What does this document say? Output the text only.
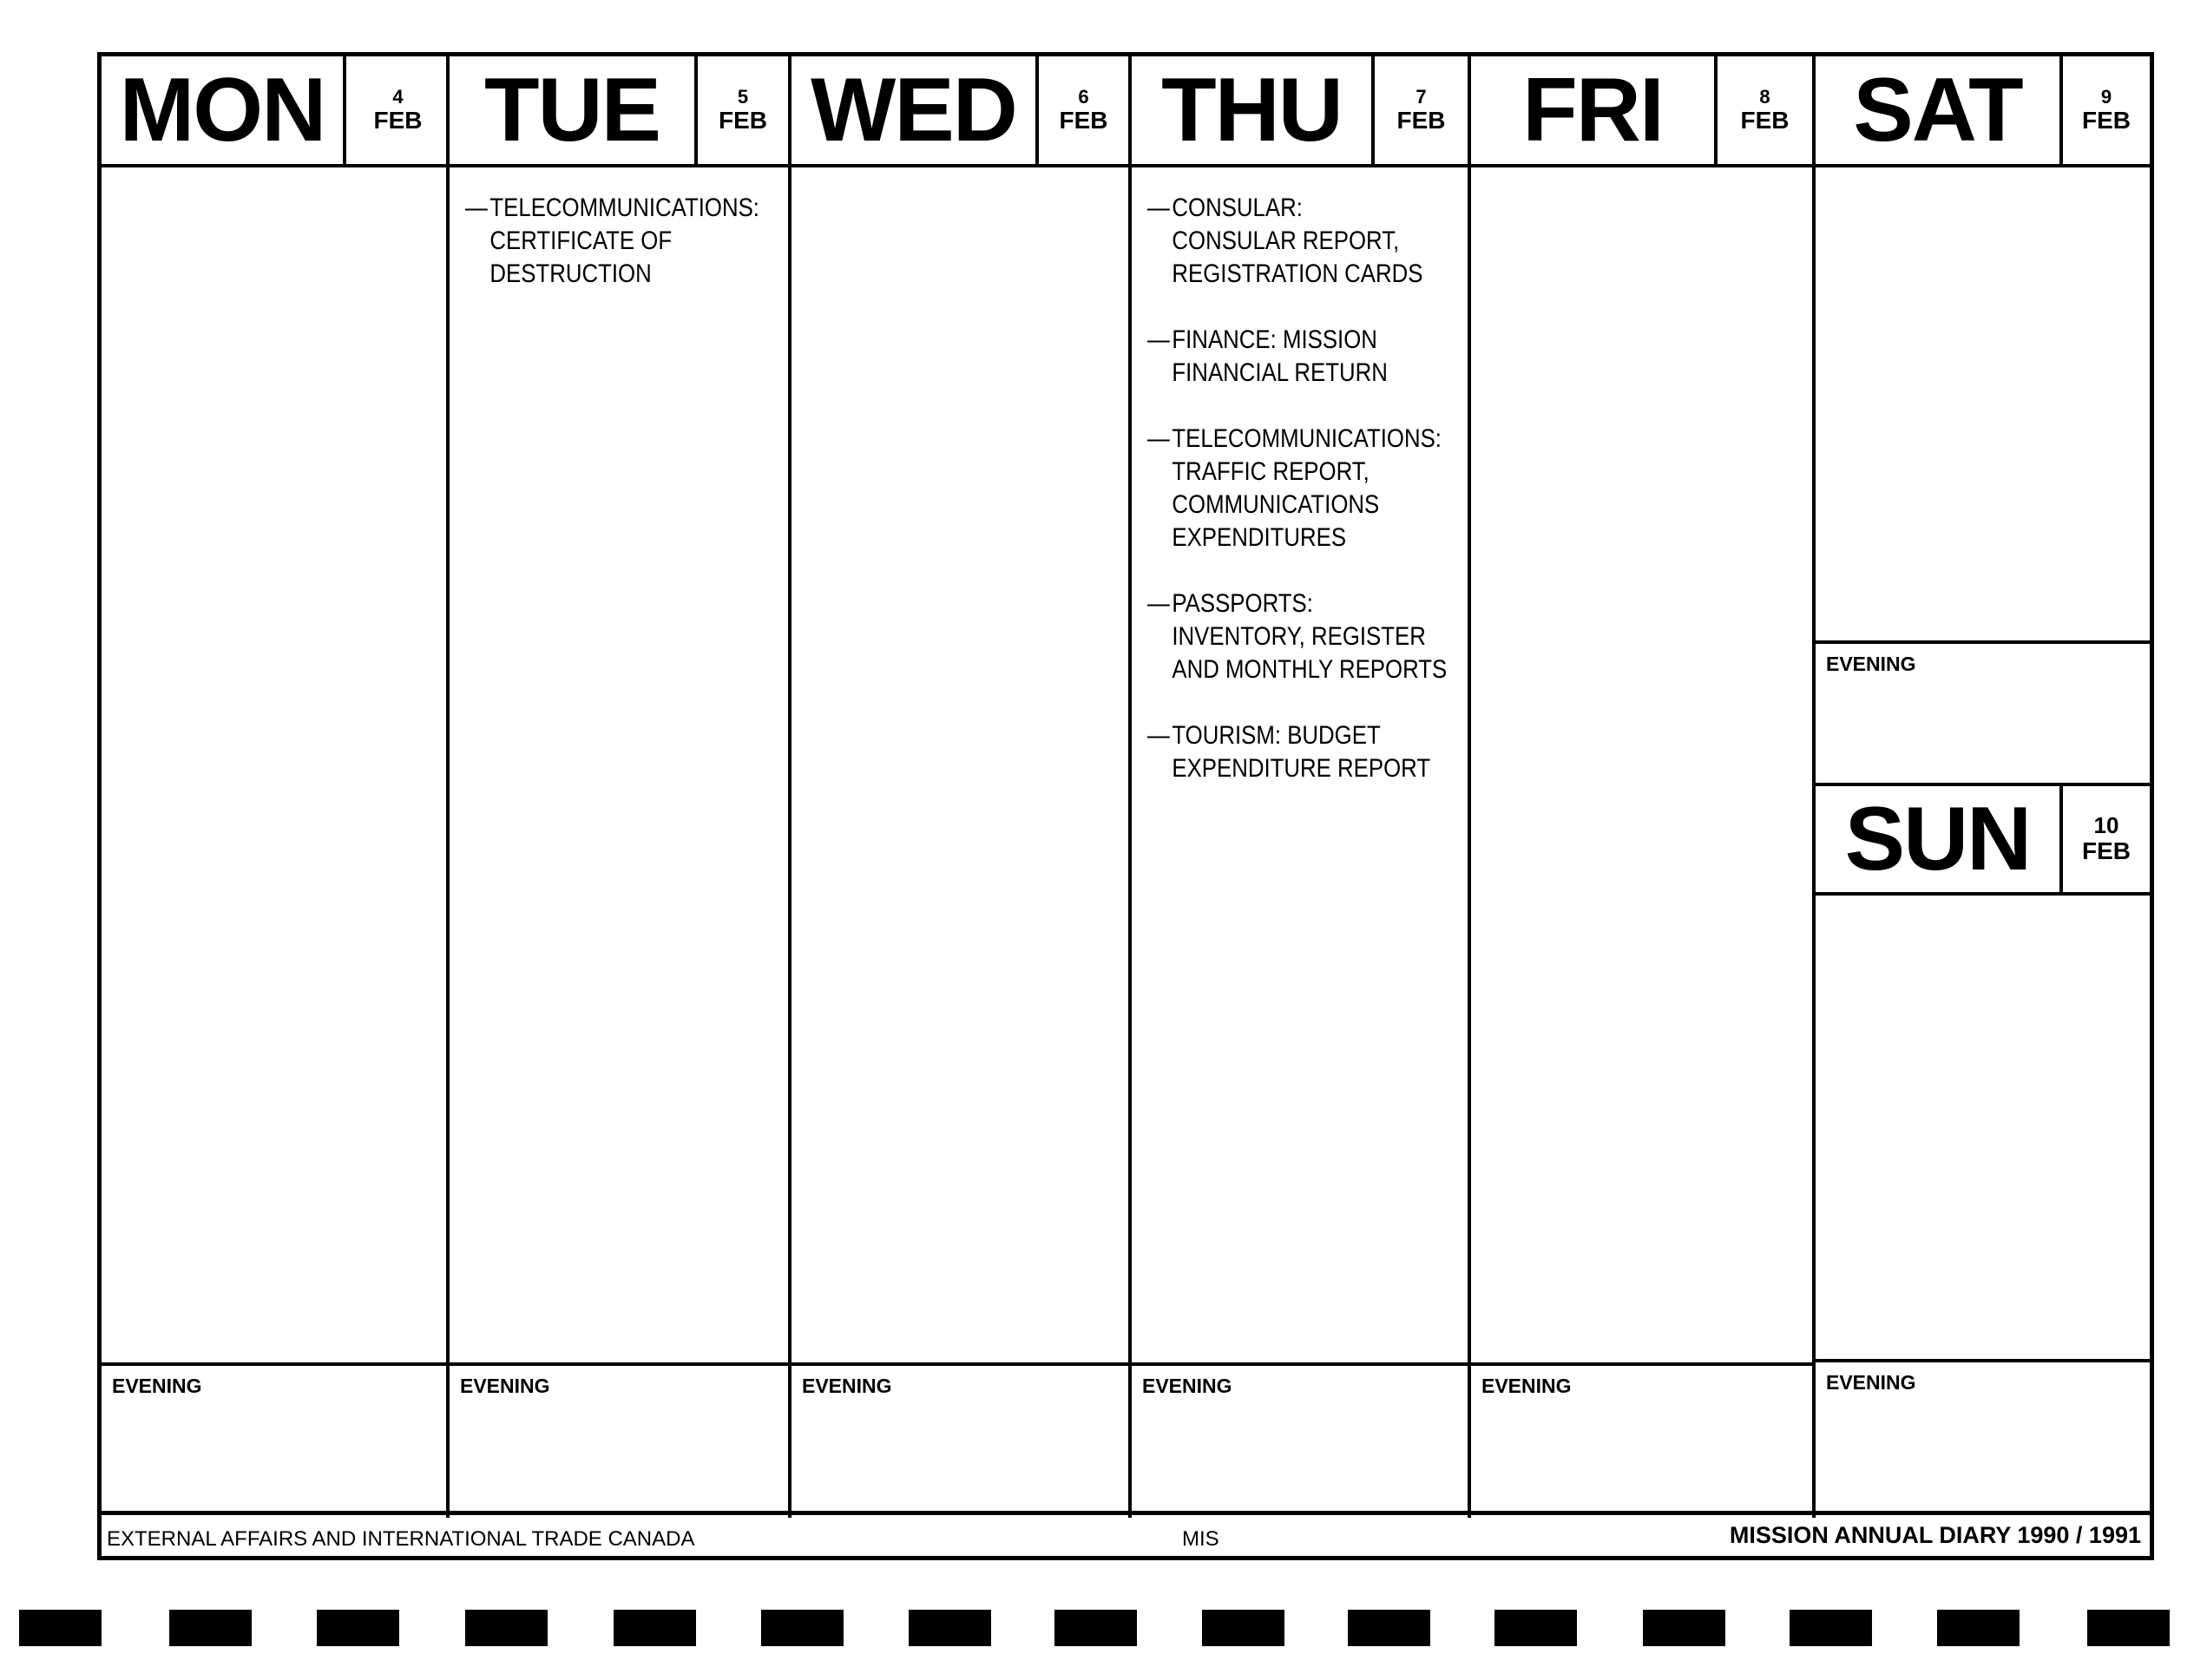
MON	4
FEB
EVENING
TUE	5
FEB
— TELECOMMUNICATIONS:
CERTIFICATE OF
DESTRUCTION
EVENING
WED	6
FEB
EVENING
THU	7
FEB
— CONSULAR:
CONSULAR REPORT,
REGISTRATION CARDS
— FINANCE: MISSION
FINANCIAL RETURN
— TELECOMMUNICATIONS:
TRAFFIC REPORT,
COMMUNICATIONS
EXPENDITURES
— PASSPORTS:
INVENTORY, REGISTER
AND MONTHLY REPORTS
— TOURISM: BUDGET
EXPENDITURE REPORT
EVENING
FRI	8
FEB
EVENING
SAT	9
FEB
EVENING
SUN	10
FEB
EVENING
EXTERNAL AFFAIRS AND INTERNATIONAL TRADE CANADA	MIS	MISSION ANNUAL DIARY 1990 / 1991
